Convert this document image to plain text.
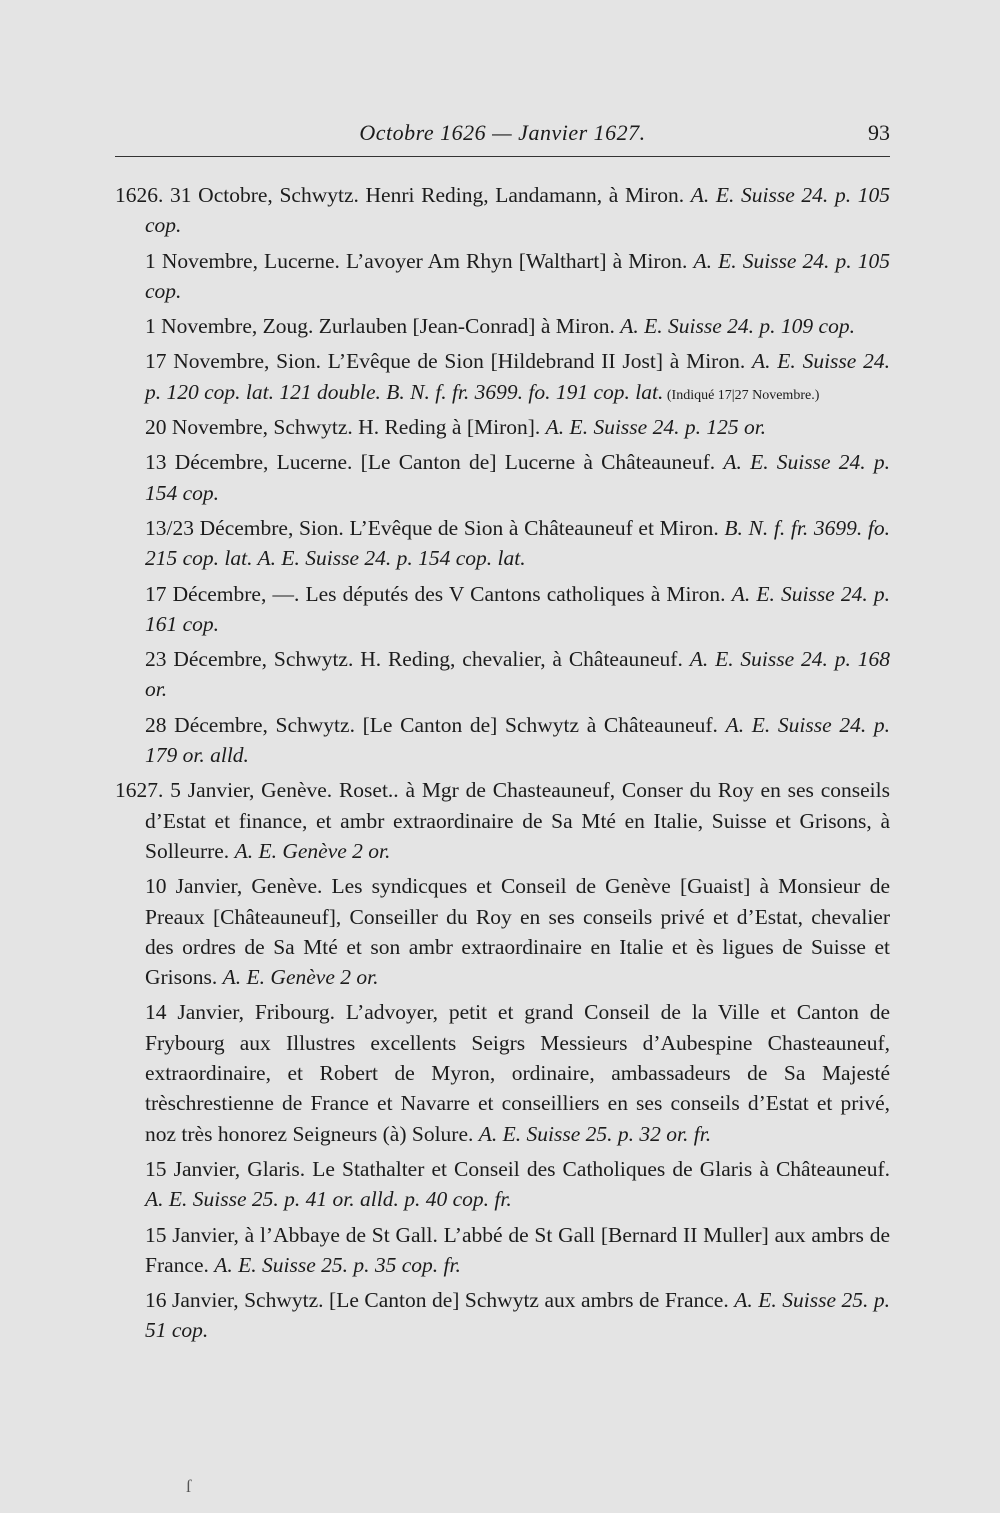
Octobre 1626 — Janvier 1627.	93

1626. 31 Octobre, Schwytz. Henri Reding, Landamann, à Miron. A. E. Suisse 24. p. 105 cop.

1 Novembre, Lucerne. L’avoyer Am Rhyn [Walthart] à Miron. A. E. Suisse 24. p. 105 cop.

1 Novembre, Zoug. Zurlauben [Jean-Conrad] à Miron. A. E. Suisse 24. p. 109 cop.

17 Novembre, Sion. L’Evêque de Sion [Hildebrand II Jost] à Miron. A. E. Suisse 24. p. 120 cop. lat. 121 double. B. N. f. fr. 3699. fo. 191 cop. lat. (Indiqué 17|27 Novembre.)

20 Novembre, Schwytz. H. Reding à [Miron]. A. E. Suisse 24. p. 125 or.

13 Décembre, Lucerne. [Le Canton de] Lucerne à Châteauneuf. A. E. Suisse 24. p. 154 cop.

13/23 Décembre, Sion. L’Evêque de Sion à Châteauneuf et Miron. B. N. f. fr. 3699. fo. 215 cop. lat. A. E. Suisse 24. p. 154 cop. lat.

17 Décembre, —. Les députés des V Cantons catholiques à Miron. A. E. Suisse 24. p. 161 cop.

23 Décembre, Schwytz. H. Reding, chevalier, à Châteauneuf. A. E. Suisse 24. p. 168 or.

28 Décembre, Schwytz. [Le Canton de] Schwytz à Châteauneuf. A. E. Suisse 24. p. 179 or. alld.

1627. 5 Janvier, Genève. Roset.. à Mgr de Chasteauneuf, Conser du Roy en ses conseils d’Estat et finance, et ambr extraordinaire de Sa Mté en Italie, Suisse et Grisons, à Solleurre. A. E. Genève 2 or.

10 Janvier, Genève. Les syndicques et Conseil de Genève [Guaist] à Monsieur de Preaux [Châteauneuf], Conseiller du Roy en ses conseils privé et d’Estat, chevalier des ordres de Sa Mté et son ambr extraordinaire en Italie et ès ligues de Suisse et Grisons. A. E. Genève 2 or.

14 Janvier, Fribourg. L’advoyer, petit et grand Conseil de la Ville et Canton de Frybourg aux Illustres excellents Seigrs Messieurs d’Aubespine Chasteauneuf, extraordinaire, et Robert de Myron, ordinaire, ambassadeurs de Sa Majesté trèschrestienne de France et Navarre et conseilliers en ses conseils d’Estat et privé, noz très honorez Seigneurs (à) Solure. A. E. Suisse 25. p. 32 or. fr.

15 Janvier, Glaris. Le Stathalter et Conseil des Catholiques de Glaris à Châteauneuf. A. E. Suisse 25. p. 41 or. alld. p. 40 cop. fr.

15 Janvier, à l’Abbaye de St Gall. L’abbé de St Gall [Bernard II Muller] aux ambrs de France. A. E. Suisse 25. p. 35 cop. fr.

16 Janvier, Schwytz. [Le Canton de] Schwytz aux ambrs de France. A. E. Suisse 25. p. 51 cop.

ſ
